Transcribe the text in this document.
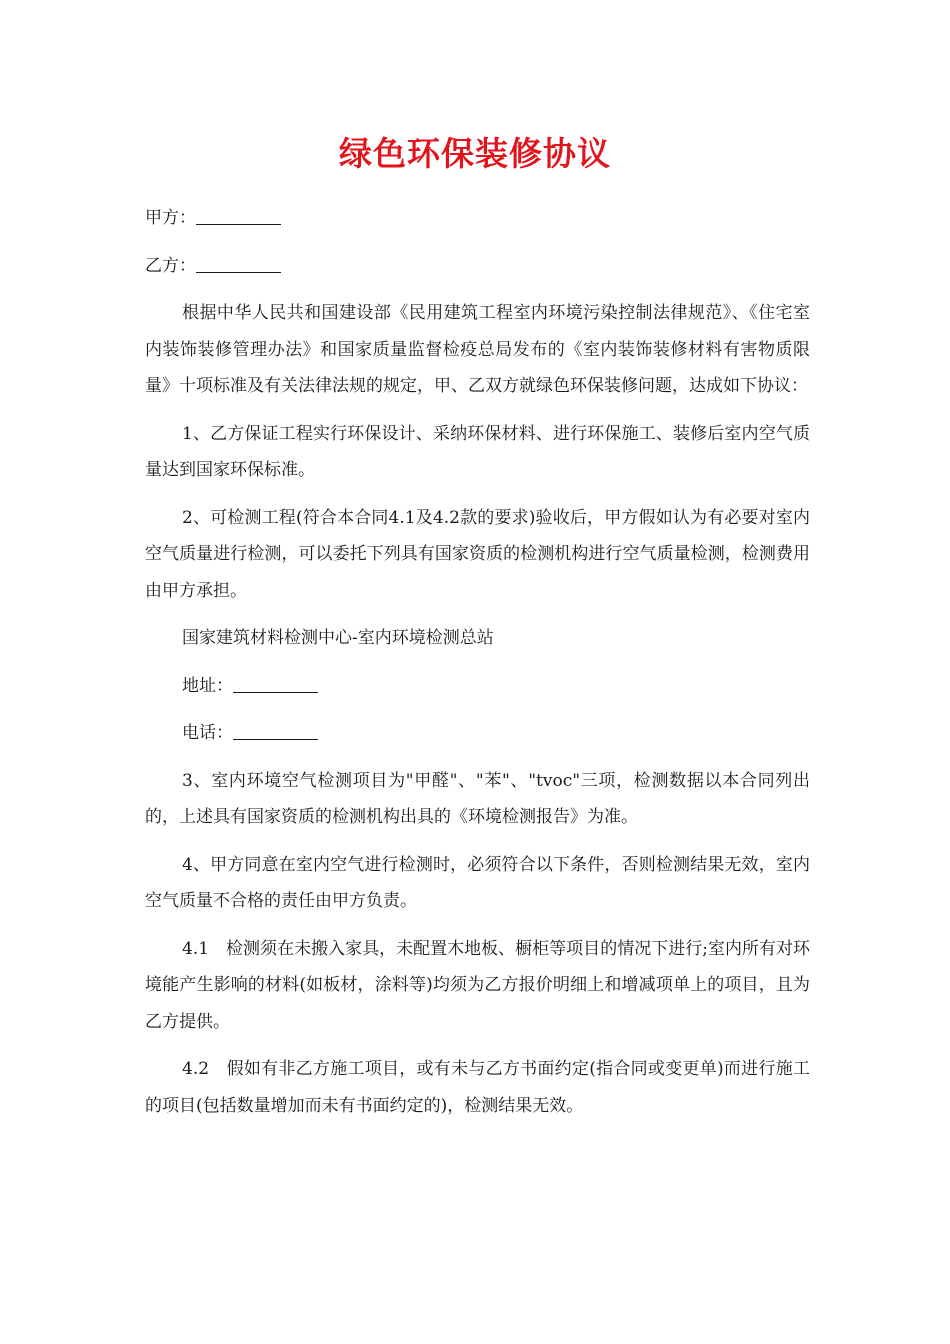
绿色环保装修协议

甲方：

乙方：

根据中华人民共和国建设部《民用建筑工程室内环境污染控制法律规范》、《住宅室内装饰装修管理办法》和国家质量监督检疫总局发布的《室内装饰装修材料有害物质限量》十项标准及有关法律法规的规定，甲、乙双方就绿色环保装修问题，达成如下协议：

1、乙方保证工程实行环保设计、采纳环保材料、进行环保施工、装修后室内空气质量达到国家环保标准。

2、可检测工程(符合本合同4.1及4.2款的要求)验收后，甲方假如认为有必要对室内空气质量进行检测，可以委托下列具有国家资质的检测机构进行空气质量检测，检测费用由甲方承担。

国家建筑材料检测中心-室内环境检测总站

地址：

电话：

3、室内环境空气检测项目为"甲醛"、"苯"、"tvoc"三项，检测数据以本合同列出的，上述具有国家资质的检测机构出具的《环境检测报告》为准。

4、甲方同意在室内空气进行检测时，必须符合以下条件，否则检测结果无效，室内空气质量不合格的责任由甲方负责。

4.1　检测须在未搬入家具，未配置木地板、橱柜等项目的情况下进行;室内所有对环境能产生影响的材料(如板材，涂料等)均须为乙方报价明细上和增减项单上的项目，且为乙方提供。

4.2　假如有非乙方施工项目，或有未与乙方书面约定(指合同或变更单)而进行施工的项目(包括数量增加而未有书面约定的)，检测结果无效。
